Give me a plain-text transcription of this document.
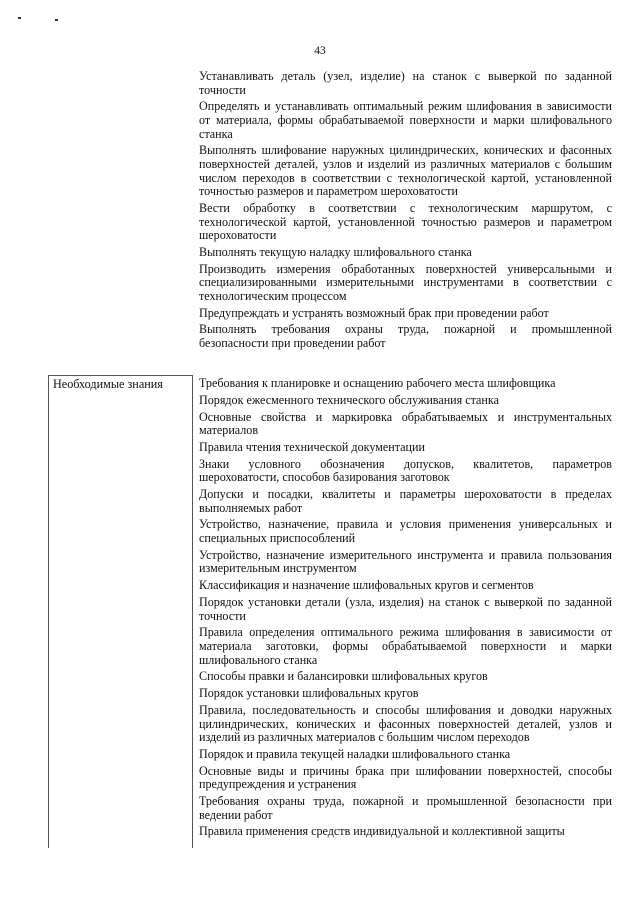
43

Устанавливать деталь (узел, изделие) на станок с выверкой по заданной точности

Определять и устанавливать оптимальный режим шлифования в зависимости от материала, формы обрабатываемой поверхности и марки шлифовального станка

Выполнять шлифование наружных цилиндрических, конических и фасонных поверхностей деталей, узлов и изделий из различных материалов с большим числом переходов в соответствии с технологической картой, установленной точностью размеров и параметром шероховатости

Вести обработку в соответствии с технологическим маршрутом, с технологической картой, установленной точностью размеров и параметром шероховатости

Выполнять текущую наладку шлифовального станка

Производить измерения обработанных поверхностей универсальными и специализированными измерительными инструментами в соответствии с технологическим процессом

Предупреждать и устранять возможный брак при проведении работ

Выполнять требования охраны труда, пожарной и промышленной безопасности при проведении работ

Необходимые знания	Требования к планировке и оснащению рабочего места шлифовщика

Порядок ежесменного технического обслуживания станка

Основные свойства и маркировка обрабатываемых и инструментальных материалов

Правила чтения технической документации

Знаки условного обозначения допусков, квалитетов, параметров шероховатости, способов базирования заготовок

Допуски и посадки, квалитеты и параметры шероховатости в пределах выполняемых работ

Устройство, назначение, правила и условия применения универсальных и специальных приспособлений

Устройство, назначение измерительного инструмента и правила пользования измерительным инструментом

Классификация и назначение шлифовальных кругов и сегментов

Порядок установки детали (узла, изделия) на станок с выверкой по заданной точности

Правила определения оптимального режима шлифования в зависимости от материала заготовки, формы обрабатываемой поверхности и марки шлифовального станка

Способы правки и балансировки шлифовальных кругов

Порядок установки шлифовальных кругов

Правила, последовательность и способы шлифования и доводки наружных цилиндрических, конических и фасонных поверхностей деталей, узлов и изделий из различных материалов с большим числом переходов

Порядок и правила текущей наладки шлифовального станка

Основные виды и причины брака при шлифовании поверхностей, способы предупреждения и устранения

Требования охраны труда, пожарной и промышленной безопасности при ведении работ

Правила применения средств индивидуальной и коллективной защиты
